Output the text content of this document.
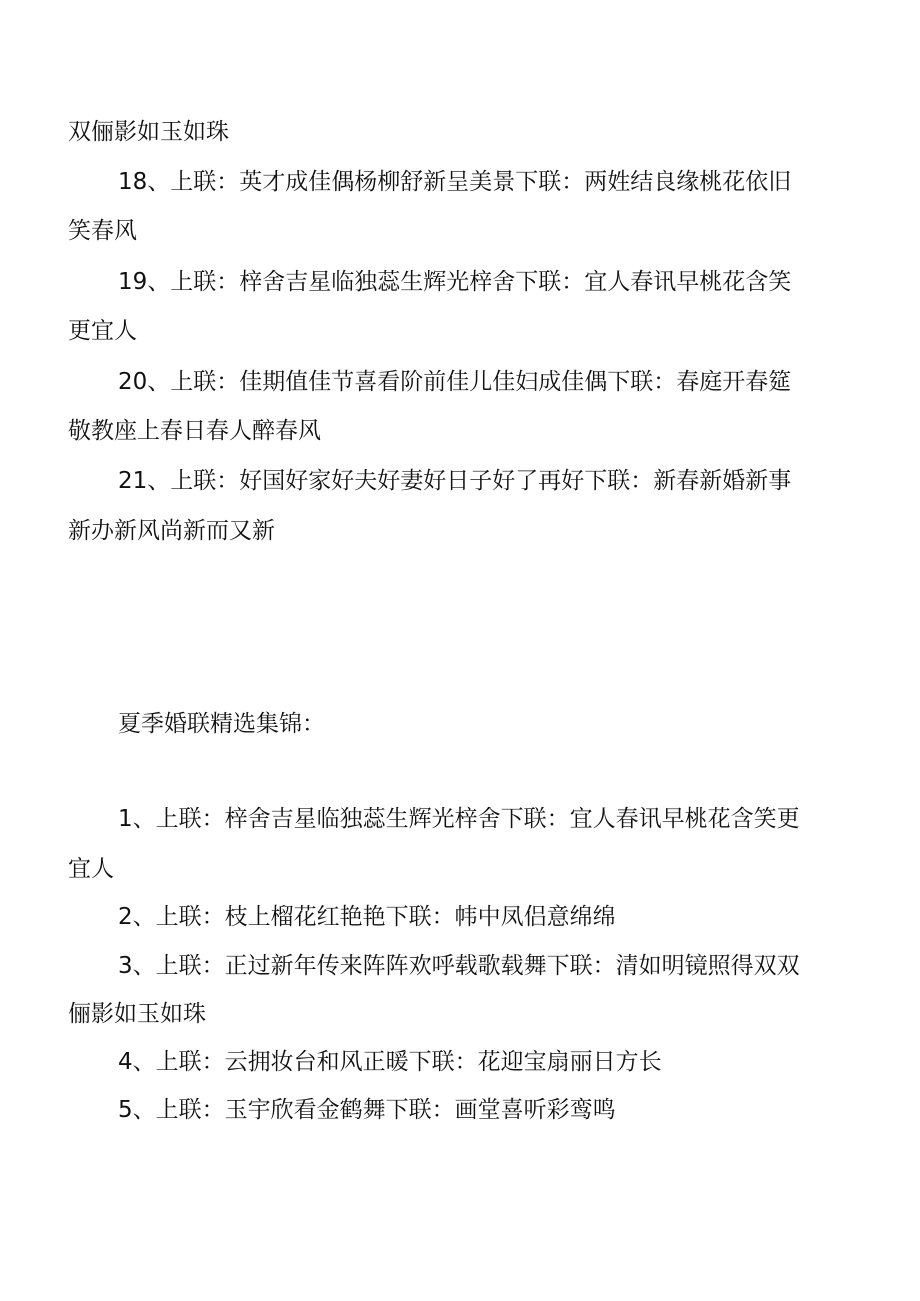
双俪影如玉如珠
18、上联：英才成佳偶杨柳舒新呈美景下联：两姓结良缘桃花依旧
笑春风
19、上联：梓舍吉星临独蕊生辉光梓舍下联：宜人春讯早桃花含笑
更宜人
20、上联：佳期值佳节喜看阶前佳儿佳妇成佳偶下联：春庭开春筵
敬教座上春日春人醉春风
21、上联：好国好家好夫好妻好日子好了再好下联：新春新婚新事
新办新风尚新而又新
夏季婚联精选集锦：
1、上联：梓舍吉星临独蕊生辉光梓舍下联：宜人春讯早桃花含笑更
宜人
2、上联：枝上榴花红艳艳下联：帏中凤侣意绵绵
3、上联：正过新年传来阵阵欢呼载歌载舞下联：清如明镜照得双双
俪影如玉如珠
4、上联：云拥妆台和风正暖下联：花迎宝扇丽日方长
5、上联：玉宇欣看金鹤舞下联：画堂喜听彩鸾鸣
